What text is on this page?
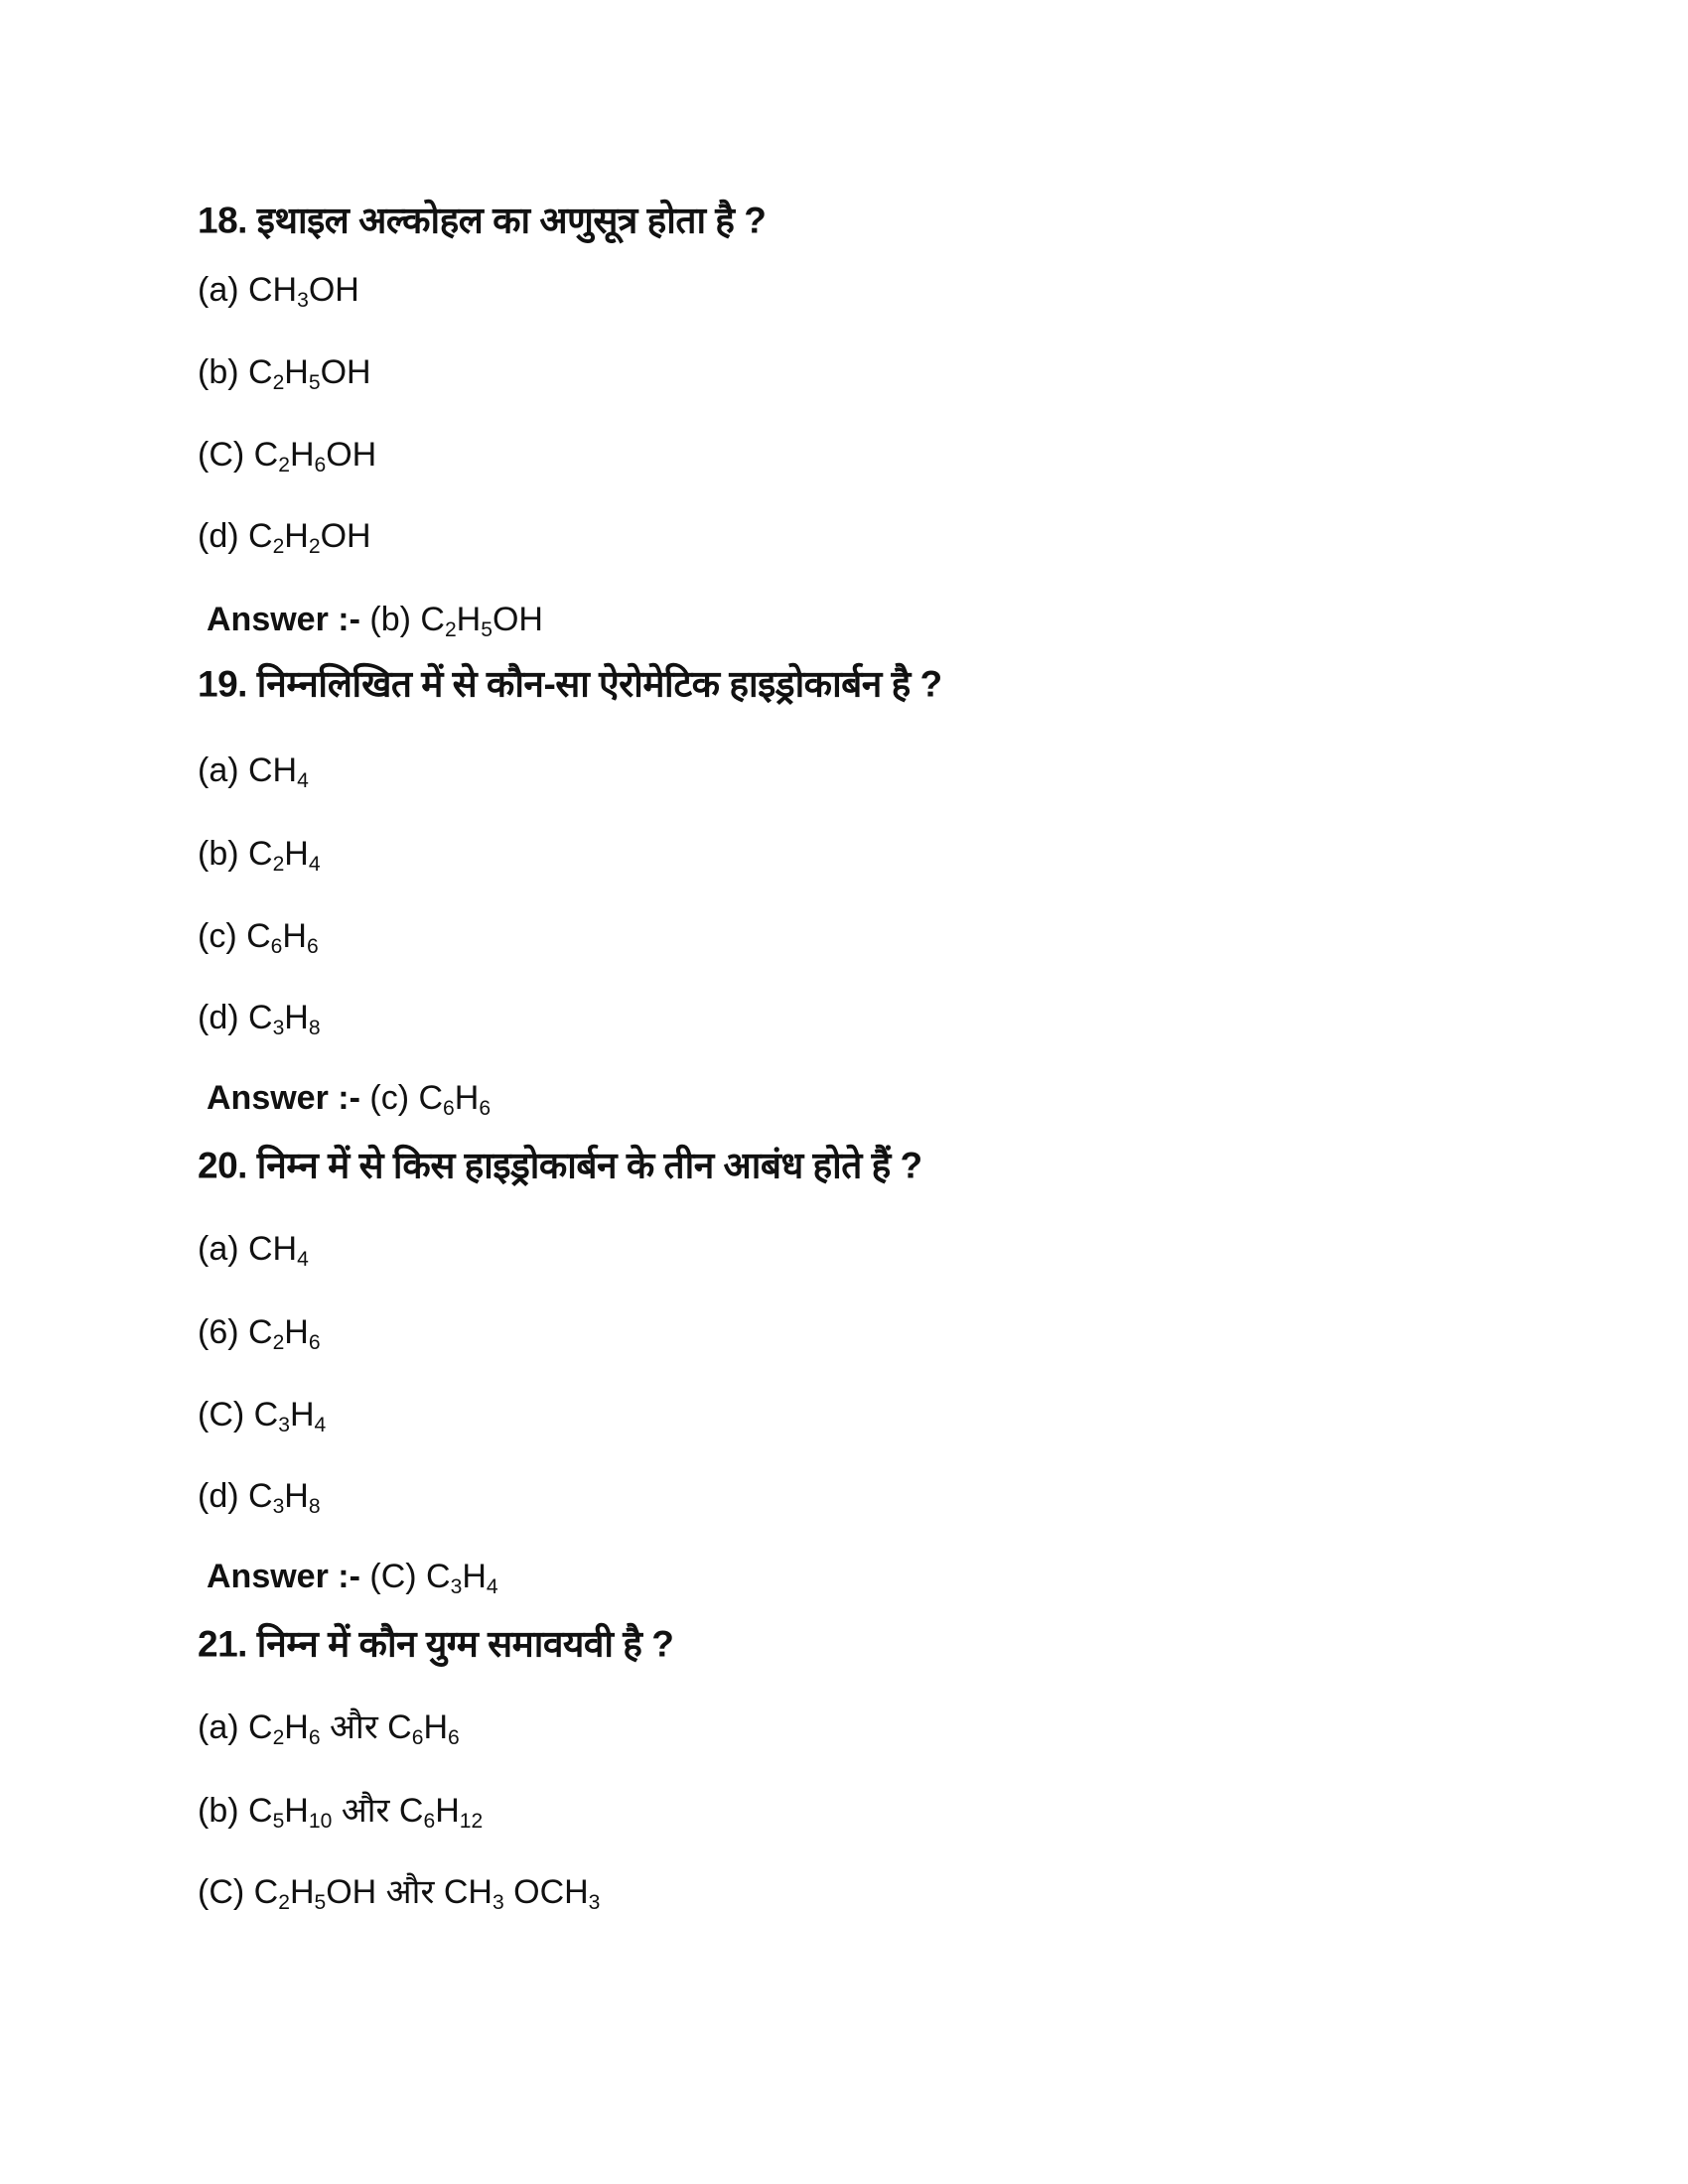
18. इथाइल अल्कोहल का अणुसूत्र होता है ?
(a) $CH_3OH$
(b) $C_2H_5OH$
(C) $C_2H_6OH$
(d) $C_2H_2OH$
Answer :- (b) $C_2H_5OH$
19. निम्नलिखित में से कौन-सा ऐरोमेटिक हाइड्रोकार्बन है ?
(a) $CH_4$
(b) $C_2H_4$
(c) $C_6H_6$
(d) $C_3H_8$
Answer :- (c) $C_6H_6$
20. निम्न में से किस हाइड्रोकार्बन के तीन आबंध होते हैं ?
(a) $CH_4$
(6) $C_2H_6$
(C) $C_3H_4$
(d) $C_3H_8$
Answer :- (C) $C_3H_4$
21. निम्न में कौन युग्म समावयवी है ?
(a) $C_2H_6$ और $C_6H_6$
(b) $C_5H_{10}$ और $C_6H_{12}$
(C) $C_2H_5OH$ और $CH_3$ $OCH_3$
